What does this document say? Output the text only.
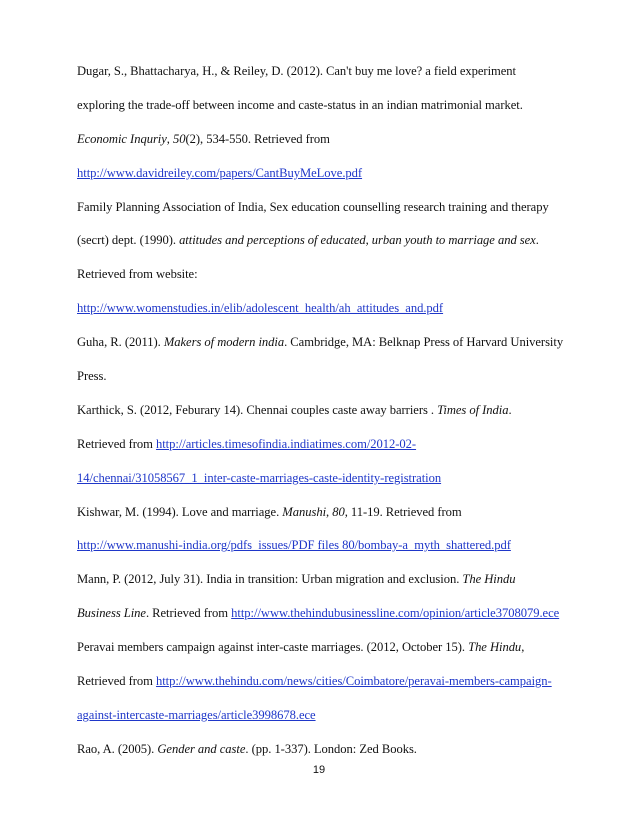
Dugar, S., Bhattacharya, H., & Reiley, D. (2012). Can't buy me love? a field experiment
exploring the trade-off between income and caste-status in an indian matrimonial market.
Economic Inquriy, 50(2), 534-550. Retrieved from
http://www.davidreiley.com/papers/CantBuyMeLove.pdf
Family Planning Association of India, Sex education counselling research training and therapy
(secrt) dept. (1990). attitudes and perceptions of educated, urban youth to marriage and sex.
Retrieved from website:
http://www.womenstudies.in/elib/adolescent_health/ah_attitudes_and.pdf
Guha, R. (2011). Makers of modern india. Cambridge, MA: Belknap Press of Harvard University
Press.
Karthick, S. (2012, Feburary 14). Chennai couples caste away barriers . Times of India.
Retrieved from http://articles.timesofindia.indiatimes.com/2012-02-
14/chennai/31058567_1_inter-caste-marriages-caste-identity-registration
Kishwar, M. (1994). Love and marriage. Manushi, 80, 11-19. Retrieved from
http://www.manushi-india.org/pdfs_issues/PDF files 80/bombay-a_myth_shattered.pdf
Mann, P. (2012, July 31). India in transition: Urban migration and exclusion. The Hindu
Business Line. Retrieved from http://www.thehindubusinessline.com/opinion/article3708079.ece
Peravai members campaign against inter-caste marriages. (2012, October 15). The Hindu,
Retrieved from http://www.thehindu.com/news/cities/Coimbatore/peravai-members-campaign-
against-intercaste-marriages/article3998678.ece
Rao, A. (2005). Gender and caste. (pp. 1-337). London: Zed Books.
19
